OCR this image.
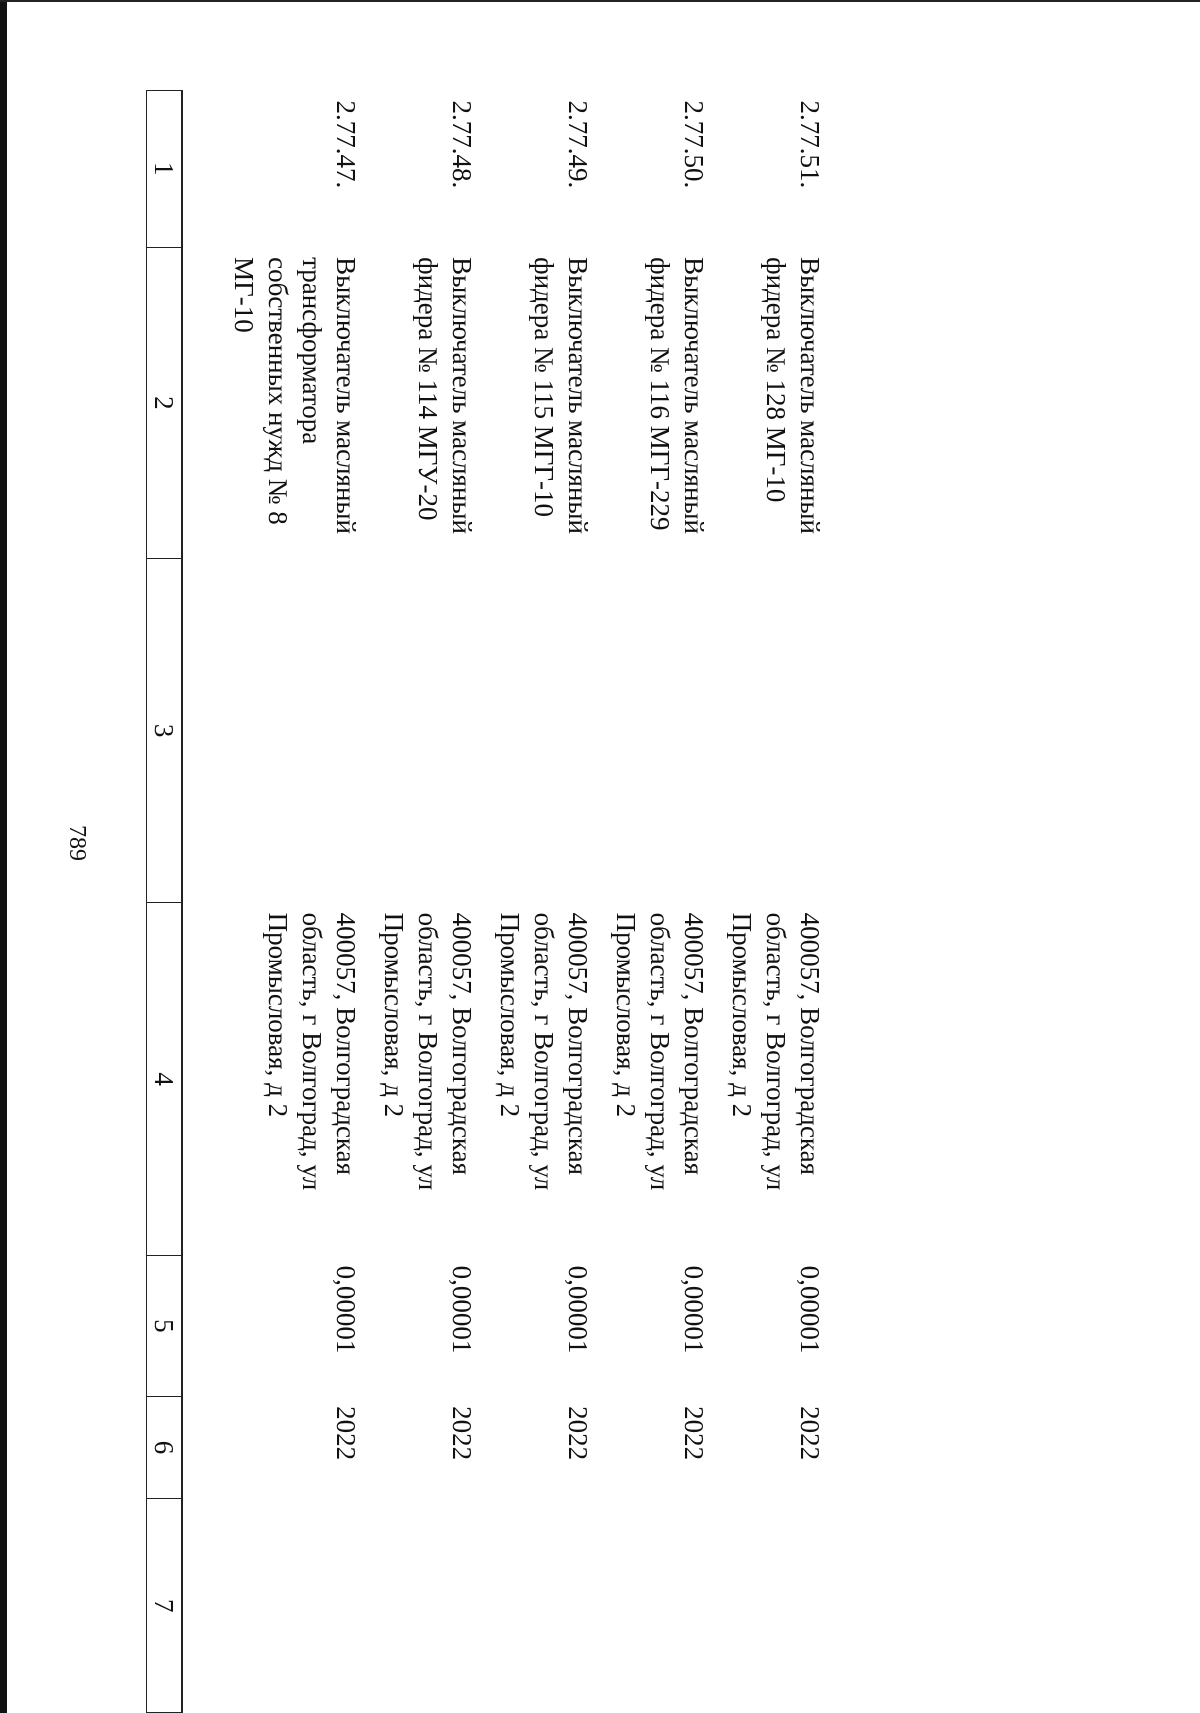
789
2.77.51.	Выключатель масляный фидера № 128 МГ-10		400057, Волгоградская область, г Волгоград, ул Промысловая, д 2	0,00001	2022	
2.77.50.	Выключатель масляный фидера № 116 МГГ-229		400057, Волгоградская область, г Волгоград, ул Промысловая, д 2	0,00001	2022	
2.77.49.	Выключатель масляный фидера № 115 МГГ-10		400057, Волгоградская область, г Волгоград, ул Промысловая, д 2	0,00001	2022	
2.77.48.	Выключатель масляный фидера № 114 МГУ-20		400057, Волгоградская область, г Волгоград, ул Промысловая, д 2	0,00001	2022	
2.77.47.	Выключатель масляный трансформатора собственных нужд № 8 МГ-10		400057, Волгоградская область, г Волгоград, ул Промысловая, д 2	0,00001	2022	

1	2	3	4	5	6	7
